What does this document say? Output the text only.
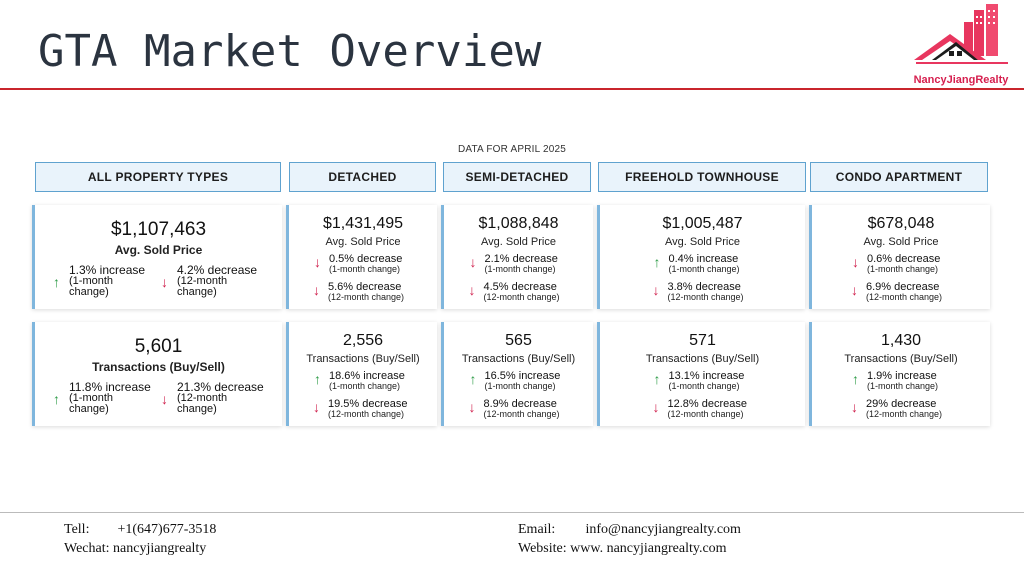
GTA Market Overview
NancyJiangRealty
DATA FOR APRIL 2025
ALL PROPERTY TYPES	DETACHED	SEMI-DETACHED	FREEHOLD TOWNHOUSE	CONDO APARTMENT
$1,107,463
Avg. Sold Price
↑
1.3% increase
(1-month change)
↓
4.2% decrease
(12-month change)
$1,431,495
Avg. Sold Price
↓ 0.5% decrease
(1-month change)
↓ 5.6% decrease
(12-month change)
$1,088,848
Avg. Sold Price
↓ 2.1% decrease
(1-month change)
↓ 4.5% decrease
(12-month change)
$1,005,487
Avg. Sold Price
↑ 0.4% increase
(1-month change)
↓ 3.8% decrease
(12-month change)
$678,048
Avg. Sold Price
↓ 0.6% decrease
(1-month change)
↓ 6.9% decrease
(12-month change)
5,601
Transactions (Buy/Sell)
↑
11.8% increase
(1-month change)
↓
21.3% decrease
(12-month change)
2,556
Transactions (Buy/Sell)
↑ 18.6% increase
(1-month change)
↓ 19.5% decrease
(12-month change)
565
Transactions (Buy/Sell)
↑ 16.5% increase
(1-month change)
↓ 8.9% decrease
(12-month change)
571
Transactions (Buy/Sell)
↑ 13.1% increase
(1-month change)
↓ 12.8% decrease
(12-month change)
1,430
Transactions (Buy/Sell)
↑ 1.9% increase
(1-month change)
↓ 29% decrease
(12-month change)
Tell: +1(647)677-3518
Wechat: nancyjiangrealty
Email: info@nancyjiangrealty.com
Website: www. nancyjiangrealty.com
